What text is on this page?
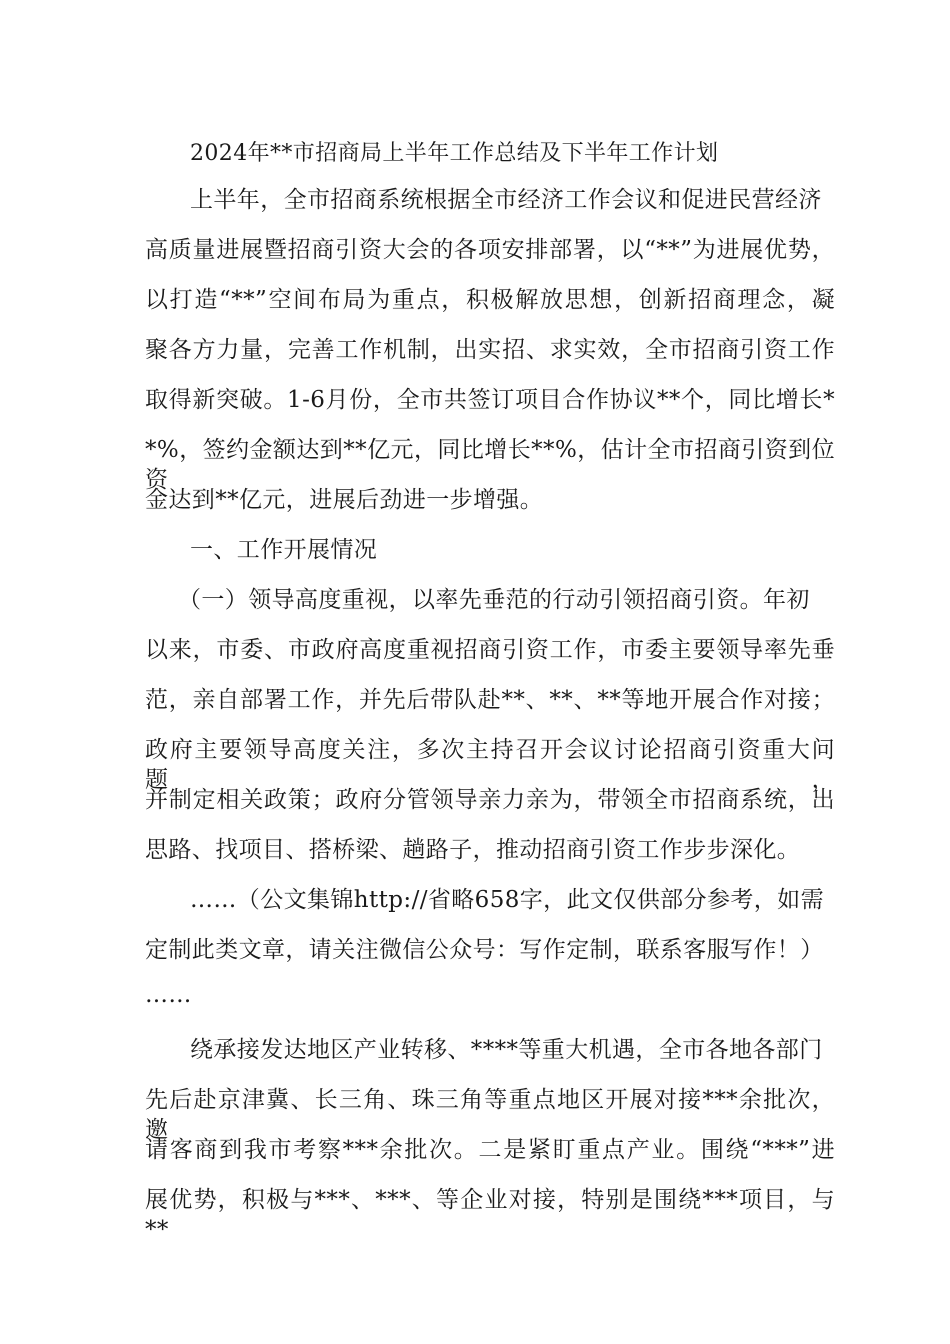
2024年**市招商局上半年工作总结及下半年工作计划
上半年，全市招商系统根据全市经济工作会议和促进民营经济
高质量进展暨招商引资大会的各项安排部署，以“**”为进展优势，
以打造“**”空间布局为重点，积极解放思想，创新招商理念，凝
聚各方力量，完善工作机制，出实招、求实效，全市招商引资工作
取得新突破。1-6月份，全市共签订项目合作协议**个，同比增长*
*%，签约金额达到**亿元，同比增长**%，估计全市招商引资到位资
金达到**亿元，进展后劲进一步增强。
一、工作开展情况
（一）领导高度重视，以率先垂范的行动引领招商引资。年初
以来，市委、市政府高度重视招商引资工作，市委主要领导率先垂
范，亲自部署工作，并先后带队赴**、**、**等地开展合作对接；
政府主要领导高度关注，多次主持召开会议讨论招商引资重大问题，
并制定相关政策；政府分管领导亲力亲为，带领全市招商系统，出
思路、找项目、搭桥梁、趟路子，推动招商引资工作步步深化。
……（公文集锦http://省略658字，此文仅供部分参考，如需
定制此类文章，请关注微信公众号：写作定制，联系客服写作！）
……
绕承接发达地区产业转移、****等重大机遇，全市各地各部门
先后赴京津冀、长三角、珠三角等重点地区开展对接***余批次，邀
请客商到我市考察***余批次。二是紧盯重点产业。围绕“***”进
展优势，积极与***、***、等企业对接，特别是围绕***项目，与**
